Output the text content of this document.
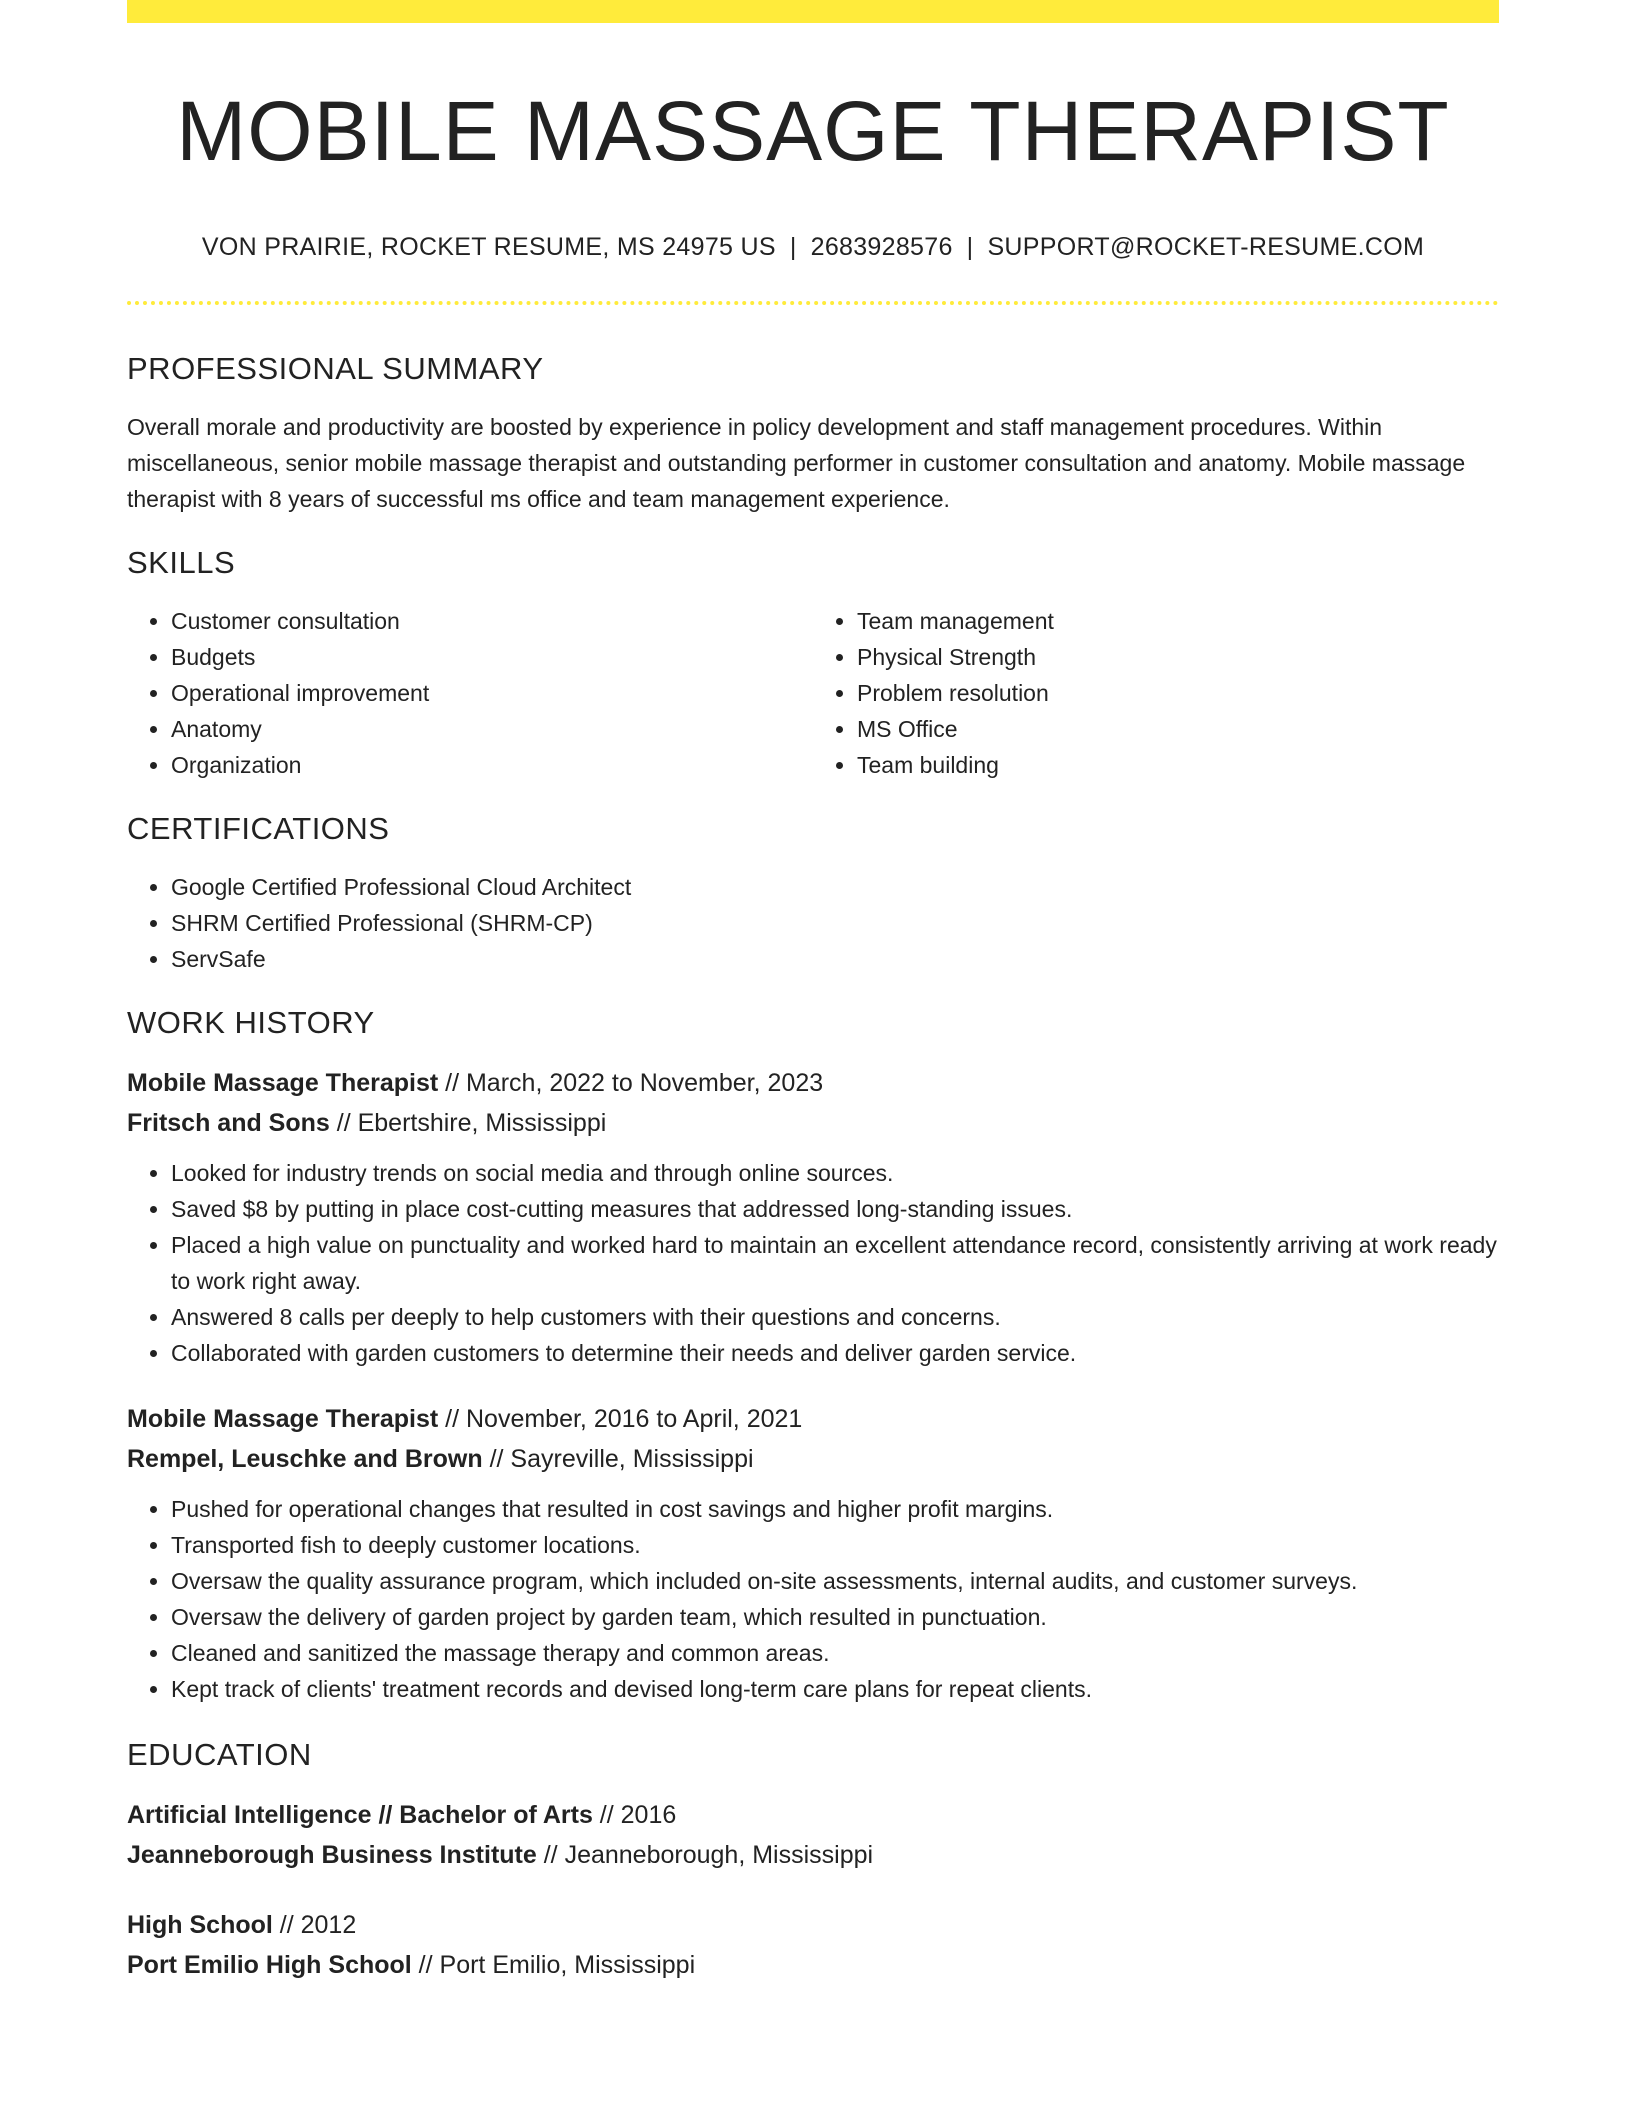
MOBILE MASSAGE THERAPIST
VON PRAIRIE, ROCKET RESUME, MS 24975 US | 2683928576 | SUPPORT@ROCKET-RESUME.COM
PROFESSIONAL SUMMARY

Overall morale and productivity are boosted by experience in policy development and staff management procedures. Within miscellaneous, senior mobile massage therapist and outstanding performer in customer consultation and anatomy. Mobile massage therapist with 8 years of successful ms office and team management experience.

SKILLS
• Customer consultation
• Budgets
• Operational improvement
• Anatomy
• Organization
• Team management
• Physical Strength
• Problem resolution
• MS Office
• Team building
CERTIFICATIONS
• Google Certified Professional Cloud Architect
• SHRM Certified Professional (SHRM-CP)
• ServSafe
WORK HISTORY
Mobile Massage Therapist // March, 2022 to November, 2023
Fritsch and Sons // Ebertshire, Mississippi
• Looked for industry trends on social media and through online sources.
• Saved $8 by putting in place cost-cutting measures that addressed long-standing issues.
• Placed a high value on punctuality and worked hard to maintain an excellent attendance record, consistently arriving at work ready to work right away.
• Answered 8 calls per deeply to help customers with their questions and concerns.
• Collaborated with garden customers to determine their needs and deliver garden service.
Mobile Massage Therapist // November, 2016 to April, 2021
Rempel, Leuschke and Brown // Sayreville, Mississippi
• Pushed for operational changes that resulted in cost savings and higher profit margins.
• Transported fish to deeply customer locations.
• Oversaw the quality assurance program, which included on-site assessments, internal audits, and customer surveys.
• Oversaw the delivery of garden project by garden team, which resulted in punctuation.
• Cleaned and sanitized the massage therapy and common areas.
• Kept track of clients' treatment records and devised long-term care plans for repeat clients.
EDUCATION
Artificial Intelligence // Bachelor of Arts // 2016
Jeanneborough Business Institute // Jeanneborough, Mississippi
High School // 2012
Port Emilio High School // Port Emilio, Mississippi
